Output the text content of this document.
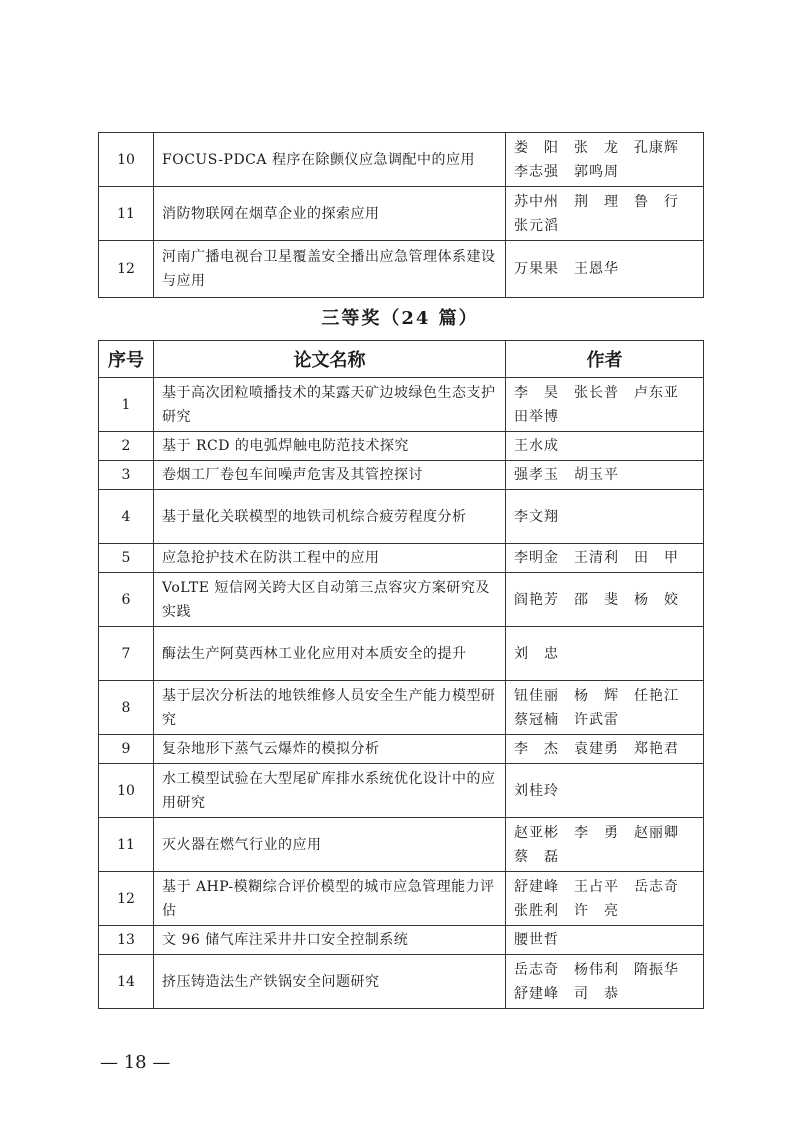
10	FOCUS-PDCA 程序在除颤仪应急调配中的应用	娄　阳　张　龙　孔康辉
李志强　郭鸣周

11	消防物联网在烟草企业的探索应用	苏中州　荆　理　鲁　行
张元滔

12	河南广播电视台卫星覆盖安全播出应急管理体系建设与应用	万果果　王恩华
三等奖（24 篇）
序号	论文名称	作者
1	基于高次团粒喷播技术的某露天矿边坡绿色生态支护研究	李　昊　张长普　卢东亚
田举博

2	基于 RCD 的电弧焊触电防范技术探究	王水成

3	卷烟工厂卷包车间噪声危害及其管控探讨	强孝玉　胡玉平

4	基于量化关联模型的地铁司机综合疲劳程度分析	李文翔

5	应急抢护技术在防洪工程中的应用	李明金　王清利　田　甲

6	VoLTE 短信网关跨大区自动第三点容灾方案研究及实践	阎艳芳　邵　斐　杨　姣

7	酶法生产阿莫西林工业化应用对本质安全的提升	刘　忠

8	基于层次分析法的地铁维修人员安全生产能力模型研究	钮佳丽　杨　辉　任艳江
蔡冠楠　许武雷

9	复杂地形下蒸气云爆炸的模拟分析	李　杰　袁建勇　郑艳君

10	水工模型试验在大型尾矿库排水系统优化设计中的应用研究	刘桂玲

11	灭火器在燃气行业的应用	赵亚彬　李　勇　赵丽卿
蔡　磊

12	基于 AHP-模糊综合评价模型的城市应急管理能力评估	舒建峰　王占平　岳志奇
张胜利　许　亮

13	文 96 储气库注采井井口安全控制系统	腰世哲

14	挤压铸造法生产铁锅安全问题研究	岳志奇　杨伟利　隋振华
舒建峰　司　恭
— 18 —
